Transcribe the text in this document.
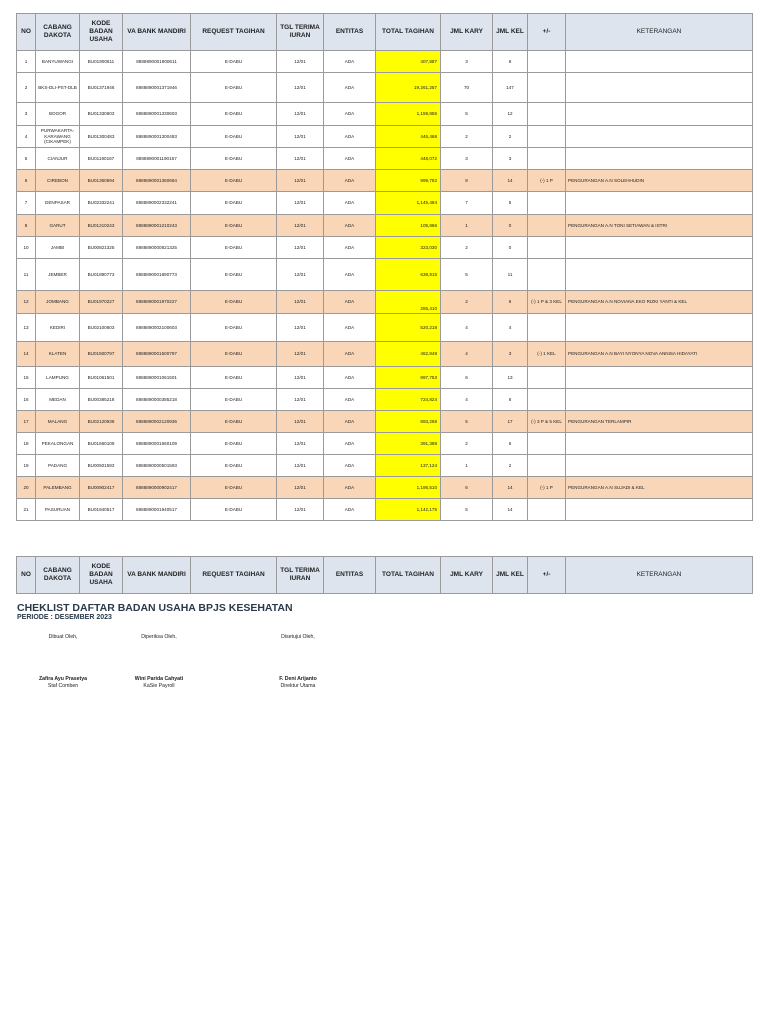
NO	CABANG DAKOTA	KODE BADAN USAHA	VA BANK MANDIRI	REQUEST TAGIHAN	TGL TERIMA IURAN	ENTITAS	TOTAL TAGIHAN	JML KARY	JML KEL	+/-	KETERANGAN
1	BANYUWANGI	BU01900611	8888890001900611	E-DABU	12/01	ADA	407,887	3	6		
2	BKS-DLI-PST-DLB	BU01371946	8888890001371946	E-DABU	12/01	ADA	19,261,257	70	147		
3	BOGOR	BU01330603	8888890001330603	E-DABU	12/01	ADA	1,159,855	5	12		
4	PURWAKARTA-KARAWANG (CIKAMPEK)	BU01300483	8888890001300483	E-DABU	12/01	ADA	446,468	2	2		
5	CIANJUR	BU01190167	8888890001190167	E-DABU	12/01	ADA	448,072	3	3		
6	CIREBON	BU01360694	8888890001360694	E-DABU	12/01	ADA	999,782	8	14	(-) 1 P	PENGURANGAN A.N SOLEHHUDIN
7	DENPASAR	BU02332241	8888890002332241	E-DABU	12/01	ADA	1,145,484	7	5		
8	GARUT	BU01210243	8888890001210243	E-DABU	12/01	ADA	105,866	1	0		PENGURANGAN A.N TONI SETIAWAN & ISTRI
10	JAMBI	BU00821325	8888890000821325	E-DABU	12/01	ADA	323,030	2	0		
11	JEMBER	BU01890773	8888890001890773	E-DABU	12/01	ADA	638,915	5	11		
12	JOMBANG	BU01970227	8888890001970227	E-DABU	12/01	ADA	285,410	2	6	(-) 1 P & 3 KEL	PENGURANGAN A.N NOVIANA EKO RIZKI YANTI & KEL
13	KEDIRI	BU02100603	8888890002100603	E-DABU	12/01	ADA	520,218	4	4		
14	KLATEN	BU01500797	8888890001500797	E-DABU	12/01	ADA	462,848	4	3	(-) 1 KEL	PENGURANGAN A.N BAYI NYONYA NOVA ANNISA HIDAYATI
15	LAMPUNG	BU01061501	8888890001061501	E-DABU	12/01	ADA	997,753	6	13		
16	MEDAN	BU00385218	8888890000385218	E-DABU	12/01	ADA	724,824	4	6		
17	MALANG	BU02120936	8888890002120936	E-DABU	12/01	ADA	893,268	5	17	(-) 3 P & 5 KEL	PENGURANGAN TERLAMPIR
18	PEKALONGAN	BU01660109	8888890001660109	E-DABU	12/01	ADA	391,388	2	6		
19	PADANG	BU00501593	8888890000501593	E-DABU	12/01	ADA	137,124	1	2		
20	PALEMBANG	BU00902417	8888890000902417	E-DABU	12/01	ADA	1,186,510	6	14	(-) 1 P	PENGURANGAN A.N SUJADI & KEL
21	PASURUAN	BU01940517	8888890001940517	E-DABU	12/01	ADA	1,142,175	5	14		
NO	CABANG DAKOTA	KODE BADAN USAHA	VA BANK MANDIRI	REQUEST TAGIHAN	TGL TERIMA IURAN	ENTITAS	TOTAL TAGIHAN	JML KARY	JML KEL	+/-	KETERANGAN
CHEKLIST DAFTAR BADAN USAHA BPJS KESEHATAN
PERIODE : DESEMBER 2023
Dibuat Oleh,
Zafira Ayu Prasetya
Staf Comben
Diperiksa Oleh,
Wini Parida Cahyati
KaSie Payroll
Disetujui Oleh,
F. Deni Arijanto
Direktur Utama
